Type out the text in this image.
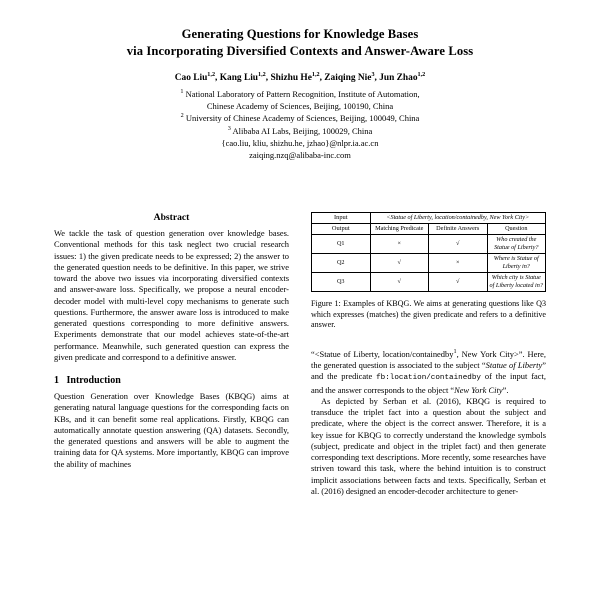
Generating Questions for Knowledge Bases
via Incorporating Diversified Contexts and Answer-Aware Loss
Cao Liu$^{1,2}$, Kang Liu$^{1,2}$, Shizhu He$^{1,2}$, Zaiqing Nie$^3$, Jun Zhao$^{1,2}$
$^1$ National Laboratory of Pattern Recognition, Institute of Automation,
Chinese Academy of Sciences, Beijing, 100190, China
$^2$ University of Chinese Academy of Sciences, Beijing, 100049, China
$^3$ Alibaba AI Labs, Beijing, 100029, China
{cao.liu, kliu, shizhu.he, jzhao}@nlpr.ia.ac.cn
zaiqing.nzq@alibaba-inc.com
Abstract

We tackle the task of question generation over knowledge bases. Conventional methods for this task neglect two crucial research issues: 1) the given predicate needs to be expressed; 2) the answer to the generated question needs to be definitive. In this paper, we strive toward the above two issues via incorporating diversified contexts and answer-aware loss. Specifically, we propose a neural encoder-decoder model with multi-level copy mechanisms to generate such questions. Furthermore, the answer aware loss is introduced to make generated questions corresponding to more definitive answers. Experiments demonstrate that our model achieves state-of-the-art performance. Meanwhile, such generated question can express the given predicate and correspond to a definitive answer.

1 Introduction

Question Generation over Knowledge Bases (KBQG) aims at generating natural language questions for the corresponding facts on KBs, and it can benefit some real applications. Firstly, KBQG can automatically annotate question answering (QA) datasets. Secondly, the generated questions and answers will be able to augment the training data for QA systems. More importantly, KBQG can improve the ability of machines

Input	<Statue of Liberty, location/containedby, New York City>		
Output	Matching Predicate	Definite Answers	Question
Q1	×	√	Who created the Statue of Liberty?
Q2	√	×	Where is Statue of Liberty in?
Q3	√	√	Which city is Statue of Liberty located in?
Figure 1: Examples of KBQG. We aims at generating questions like Q3 which expresses (matches) the given predicate and refers to a definitive answer.

“<Statue of Liberty, location/containedby$^1$, New York City>”. Here, the generated question is associated to the subject “Statue of Liberty” and the predicate fb:location/containedby of the input fact, and the answer corresponds to the object “New York City”.

As depicted by Serban et al. (2016), KBQG is required to transduce the triplet fact into a question about the subject and predicate, where the object is the correct answer. Therefore, it is a key issue for KBQG to correctly understand the knowledge symbols (subject, predicate and object in the triplet fact) and then generate corresponding text descriptions. More recently, some researches have striven toward this task, where the behind intuition is to construct implicit associations between facts and texts. Specifically, Serban et al. (2016) designed an encoder-decoder architecture to gener-
